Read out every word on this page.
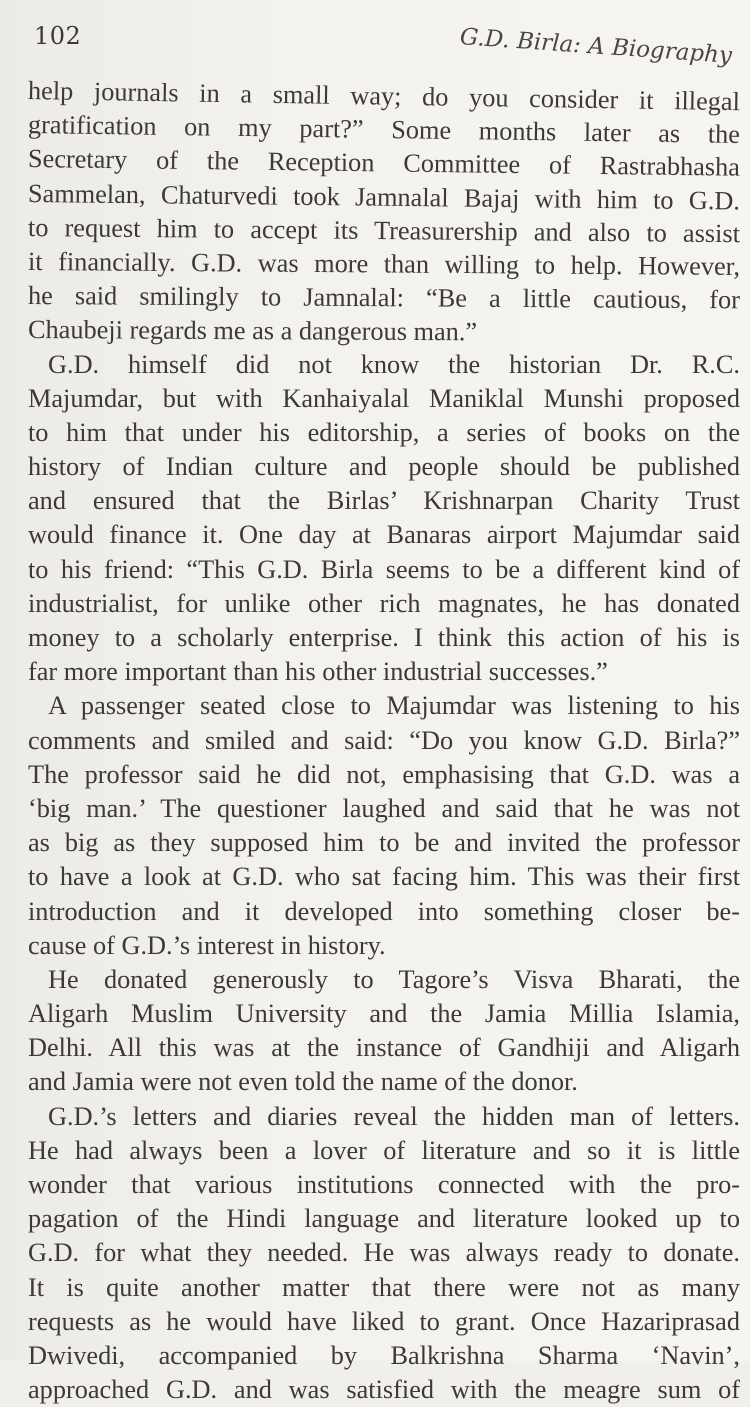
102	G.D. Birla: A Biography
help journals in a small way; do you consider it illegal
gratification on my part?” Some months later as the
Secretary of the Reception Committee of Rastrabhasha
Sammelan, Chaturvedi took Jamnalal Bajaj with him to G.D.
to request him to accept its Treasurership and also to assist
it financially. G.D. was more than willing to help. However,
he said smilingly to Jamnalal: “Be a little cautious, for
Chaubeji regards me as a dangerous man.”
G.D. himself did not know the historian Dr. R.C.
Majumdar, but with Kanhaiyalal Maniklal Munshi proposed
to him that under his editorship, a series of books on the
history of Indian culture and people should be published
and ensured that the Birlas’ Krishnarpan Charity Trust
would finance it. One day at Banaras airport Majumdar said
to his friend: “This G.D. Birla seems to be a different kind of
industrialist, for unlike other rich magnates, he has donated
money to a scholarly enterprise. I think this action of his is
far more important than his other industrial successes.”
A passenger seated close to Majumdar was listening to his
comments and smiled and said: “Do you know G.D. Birla?”
The professor said he did not, emphasising that G.D. was a
‘big man.’ The questioner laughed and said that he was not
as big as they supposed him to be and invited the professor
to have a look at G.D. who sat facing him. This was their first
introduction and it developed into something closer be-
cause of G.D.’s interest in history.
He donated generously to Tagore’s Visva Bharati, the
Aligarh Muslim University and the Jamia Millia Islamia,
Delhi. All this was at the instance of Gandhiji and Aligarh
and Jamia were not even told the name of the donor.
G.D.’s letters and diaries reveal the hidden man of letters.
He had always been a lover of literature and so it is little
wonder that various institutions connected with the pro-
pagation of the Hindi language and literature looked up to
G.D. for what they needed. He was always ready to donate.
It is quite another matter that there were not as many
requests as he would have liked to grant. Once Hazariprasad
Dwivedi, accompanied by Balkrishna Sharma ‘Navin’,
approached G.D. and was satisfied with the meagre sum of
